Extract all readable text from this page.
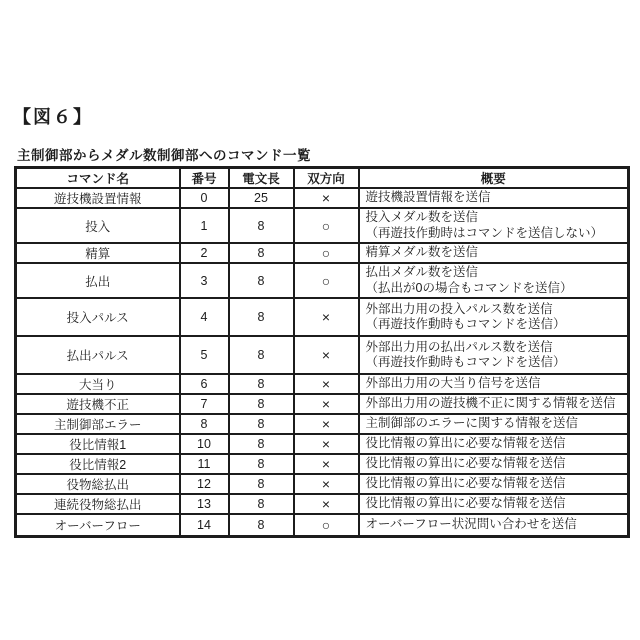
【図６】
主制御部からメダル数制御部へのコマンド一覧
コマンド名	番号	電文長	双方向	概要
遊技機設置情報	0	25	×	遊技機設置情報を送信
投入	1	8	○	投入メダル数を送信
（再遊技作動時はコマンドを送信しない）

精算	2	8	○	精算メダル数を送信
払出	3	8	○	払出メダル数を送信
（払出が0の場合もコマンドを送信）

投入パルス	4	8	×	外部出力用の投入パルス数を送信
（再遊技作動時もコマンドを送信）

払出パルス	5	8	×	外部出力用の払出パルス数を送信
（再遊技作動時もコマンドを送信）

大当り	6	8	×	外部出力用の大当り信号を送信
遊技機不正	7	8	×	外部出力用の遊技機不正に関する情報を送信
主制御部エラー	8	8	×	主制御部のエラーに関する情報を送信
役比情報1	10	8	×	役比情報の算出に必要な情報を送信
役比情報2	11	8	×	役比情報の算出に必要な情報を送信
役物総払出	12	8	×	役比情報の算出に必要な情報を送信
連続役物総払出	13	8	×	役比情報の算出に必要な情報を送信
オーバーフロー	14	8	○	オーバーフロー状況問い合わせを送信
